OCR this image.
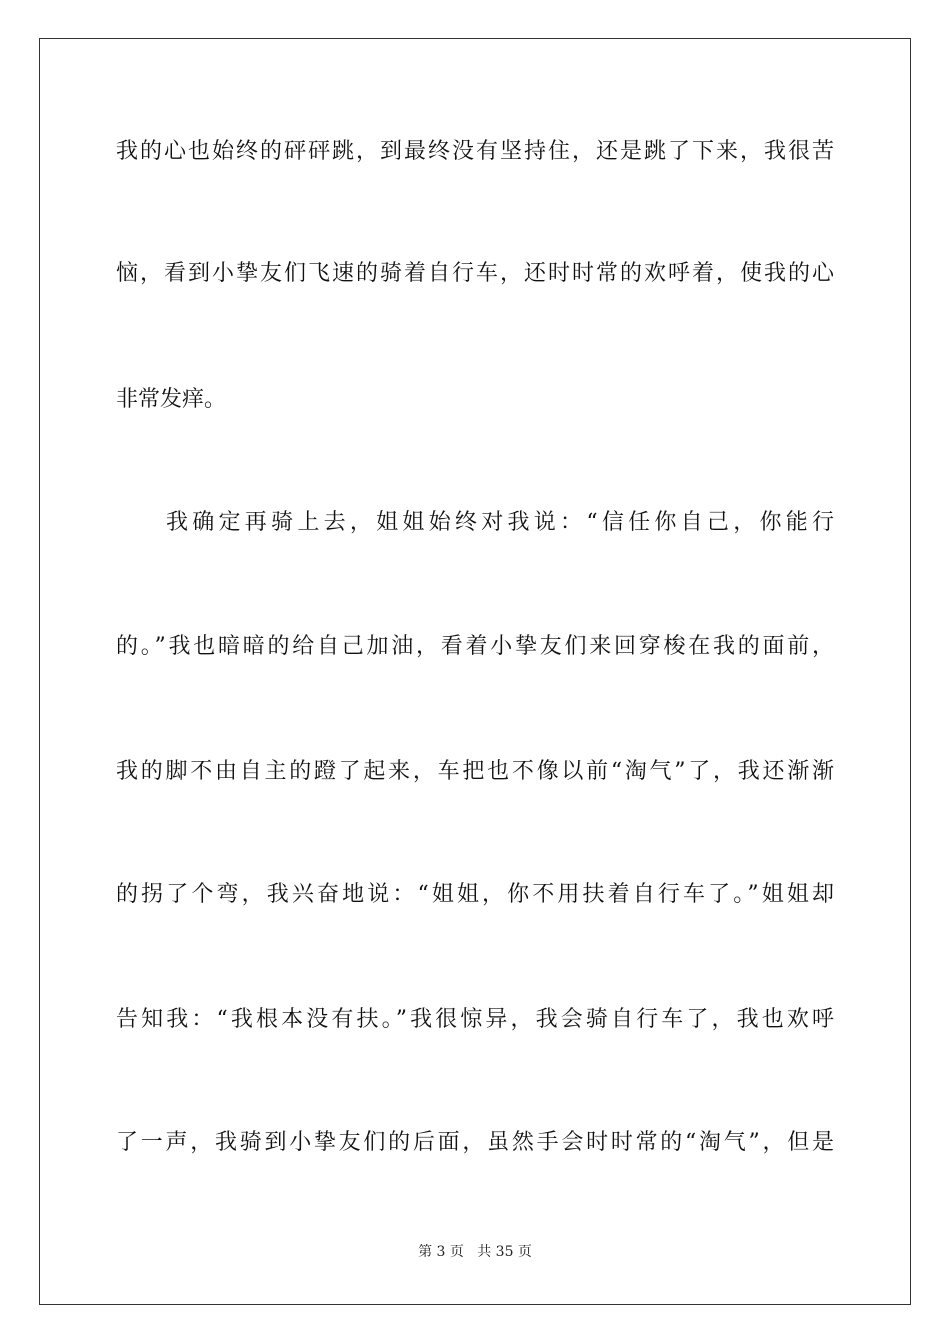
我的心也始终的砰砰跳，到最终没有坚持住，还是跳了下来，我很苦
恼，看到小挚友们飞速的骑着自行车，还时时常的欢呼着，使我的心
非常发痒。
我确定再骑上去，姐姐始终对我说：“信任你自己，你能行
的。”我也暗暗的给自己加油，看着小挚友们来回穿梭在我的面前，
我的脚不由自主的蹬了起来，车把也不像以前“淘气”了，我还渐渐
的拐了个弯，我兴奋地说：“姐姐，你不用扶着自行车了。”姐姐却
告知我：“我根本没有扶。”我很惊异，我会骑自行车了，我也欢呼
了一声，我骑到小挚友们的后面，虽然手会时时常的“淘气”，但是
第 3 页   共 35 页
